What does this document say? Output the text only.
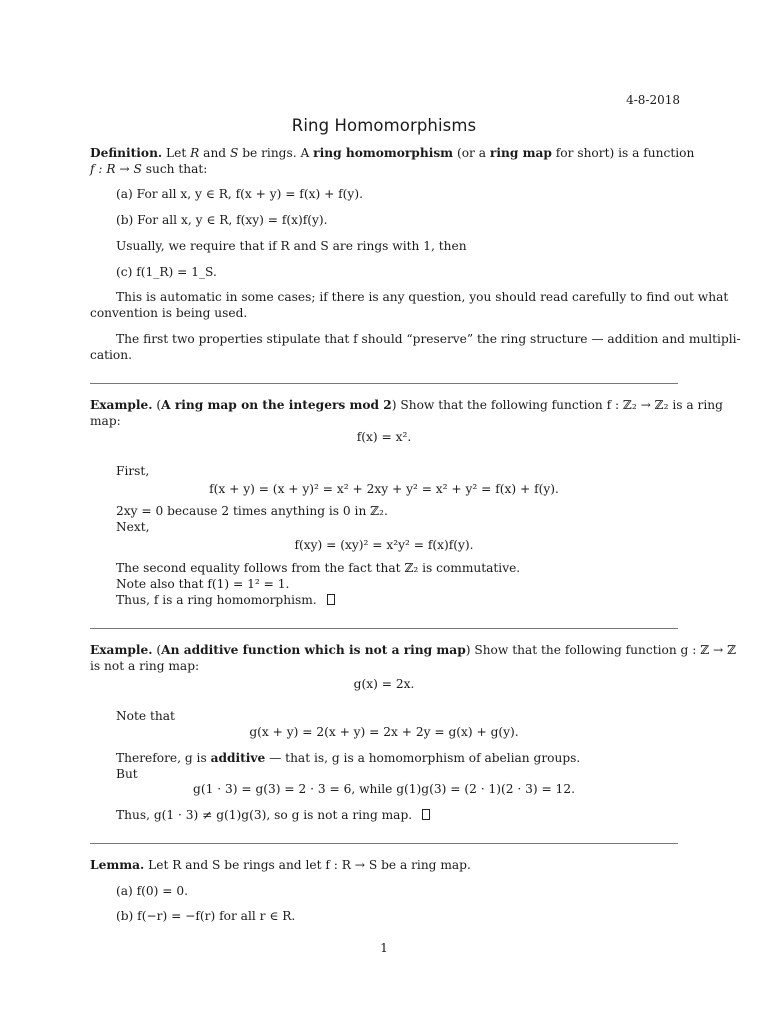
4-8-2018
Ring Homomorphisms
Definition. Let R and S be rings. A ring homomorphism (or a ring map for short) is a function
f : R → S such that:
(a) For all x, y ∈ R, f(x + y) = f(x) + f(y).
(b) For all x, y ∈ R, f(xy) = f(x)f(y).
Usually, we require that if R and S are rings with 1, then
(c) f(1_R) = 1_S.
This is automatic in some cases; if there is any question, you should read carefully to find out what
convention is being used.
The first two properties stipulate that f should “preserve” the ring structure — addition and multipli-
cation.
Example. (A ring map on the integers mod 2) Show that the following function f : ℤ₂ → ℤ₂ is a ring
map:
f(x) = x².
First,
f(x + y) = (x + y)² = x² + 2xy + y² = x² + y² = f(x) + f(y).
2xy = 0 because 2 times anything is 0 in ℤ₂.
Next,
f(xy) = (xy)² = x²y² = f(x)f(y).
The second equality follows from the fact that ℤ₂ is commutative.
Note also that f(1) = 1² = 1.
Thus, f is a ring homomorphism.
Example. (An additive function which is not a ring map) Show that the following function g : ℤ → ℤ
is not a ring map:
g(x) = 2x.
Note that
g(x + y) = 2(x + y) = 2x + 2y = g(x) + g(y).
Therefore, g is additive — that is, g is a homomorphism of abelian groups.
But
g(1 · 3) = g(3) = 2 · 3 = 6, while g(1)g(3) = (2 · 1)(2 · 3) = 12.
Thus, g(1 · 3) ≠ g(1)g(3), so g is not a ring map.
Lemma. Let R and S be rings and let f : R → S be a ring map.
(a) f(0) = 0.
(b) f(−r) = −f(r) for all r ∈ R.
1
